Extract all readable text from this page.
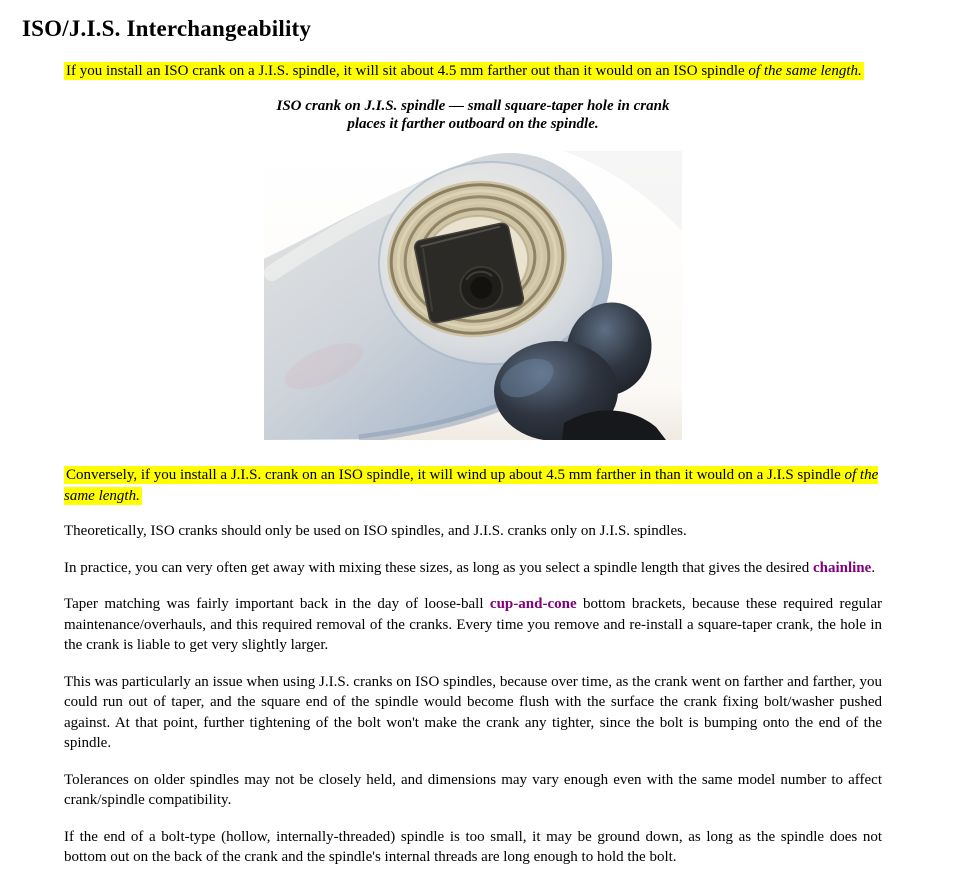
ISO/J.I.S. Interchangeability

If you install an ISO crank on a J.I.S. spindle, it will sit about 4.5 mm farther out than it would on an ISO spindle of the same length.

ISO crank on J.I.S. spindle — small square-taper hole in crank
places it farther outboard on the spindle.

Conversely, if you install a J.I.S. crank on an ISO spindle, it will wind up about 4.5 mm farther in than it would on a J.I.S spindle of the same length.

Theoretically, ISO cranks should only be used on ISO spindles, and J.I.S. cranks only on J.I.S. spindles.

In practice, you can very often get away with mixing these sizes, as long as you select a spindle length that gives the desired chainline.

Taper matching was fairly important back in the day of loose-ball cup-and-cone bottom brackets, because these required regular maintenance/overhauls, and this required removal of the cranks. Every time you remove and re-install a square-taper crank, the hole in the crank is liable to get very slightly larger.

This was particularly an issue when using J.I.S. cranks on ISO spindles, because over time, as the crank went on farther and farther, you could run out of taper, and the square end of the spindle would become flush with the surface the crank fixing bolt/washer pushed against. At that point, further tightening of the bolt won't make the crank any tighter, since the bolt is bumping onto the end of the spindle.

Tolerances on older spindles may not be closely held, and dimensions may vary enough even with the same model number to affect crank/spindle compatibility.

If the end of a bolt-type (hollow, internally-threaded) spindle is too small, it may be ground down, as long as the spindle does not bottom out on the back of the crank and the spindle's internal threads are long enough to hold the bolt.
